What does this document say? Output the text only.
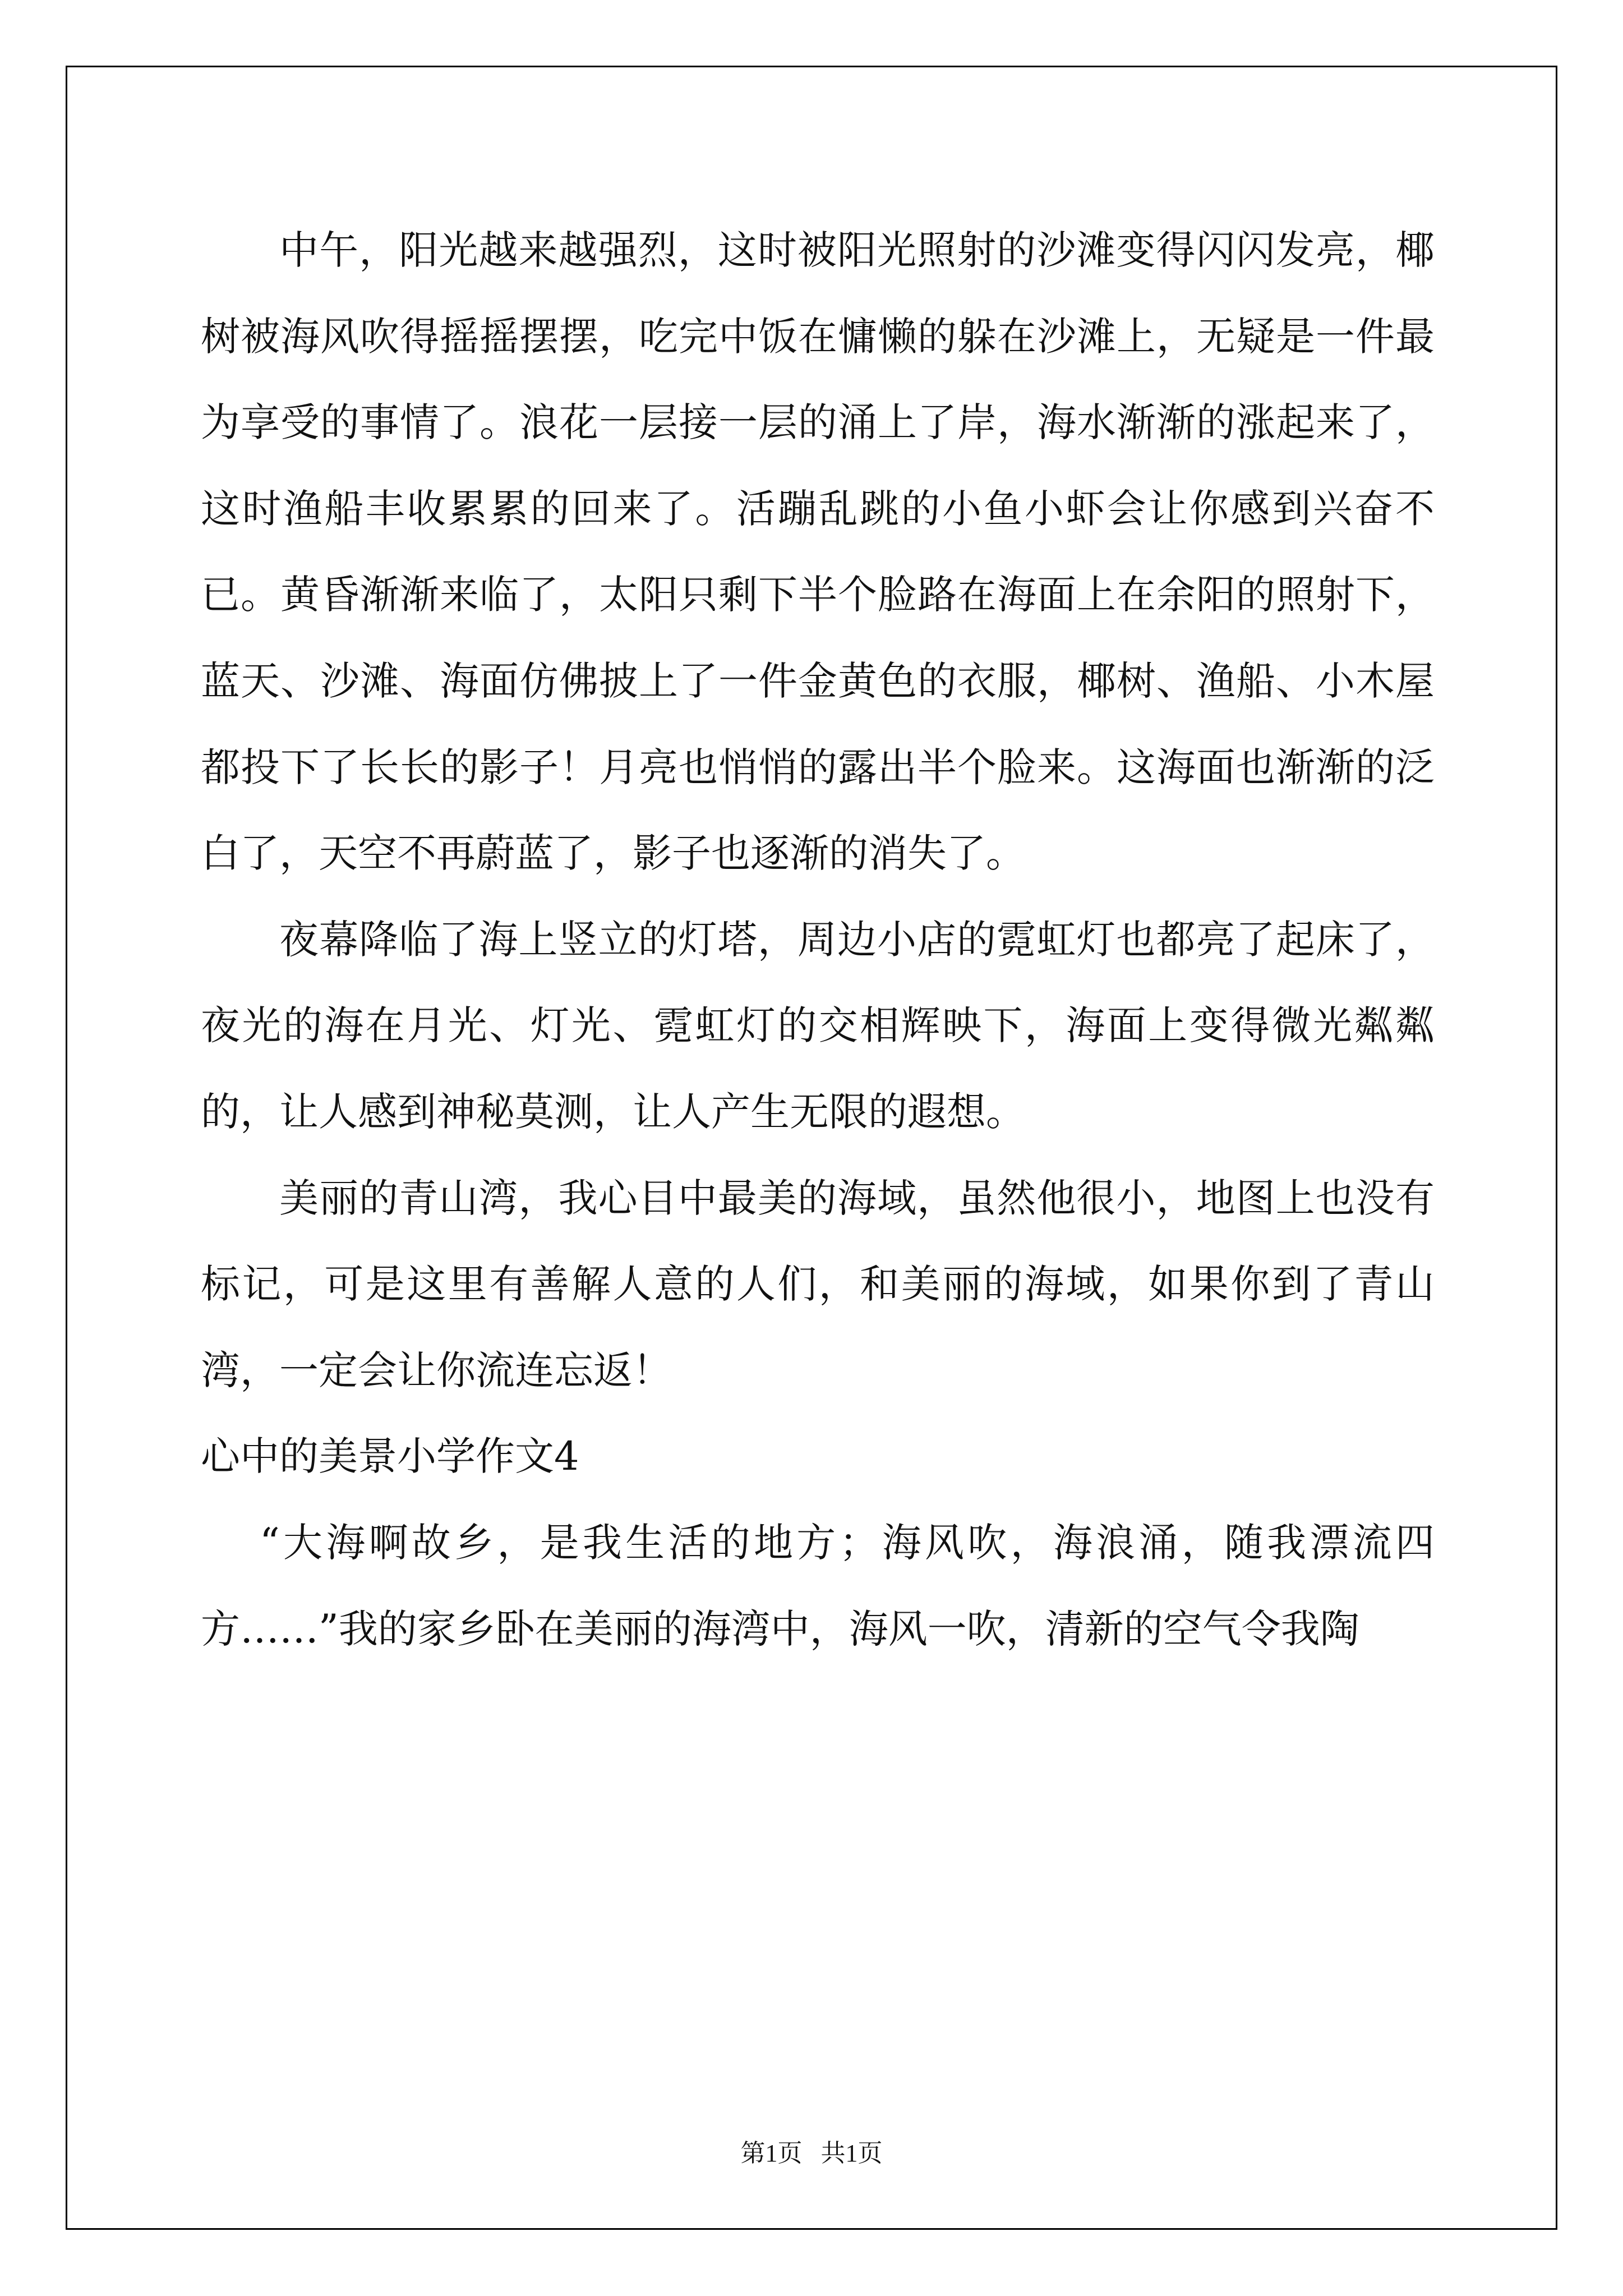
中午，阳光越来越强烈，这时被阳光照射的沙滩变得闪闪发亮，椰树被海风吹得摇摇摆摆，吃完中饭在慵懒的躲在沙滩上，无疑是一件最为享受的事情了。浪花一层接一层的涌上了岸，海水渐渐的涨起来了，这时渔船丰收累累的回来了。活蹦乱跳的小鱼小虾会让你感到兴奋不已。黄昏渐渐来临了，太阳只剩下半个脸路在海面上在余阳的照射下，蓝天、沙滩、海面仿佛披上了一件金黄色的衣服，椰树、渔船、小木屋都投下了长长的影子！月亮也悄悄的露出半个脸来。这海面也渐渐的泛白了，天空不再蔚蓝了，影子也逐渐的消失了。

夜幕降临了海上竖立的灯塔，周边小店的霓虹灯也都亮了起床了，夜光的海在月光、灯光、霓虹灯的交相辉映下，海面上变得微光粼粼的，让人感到神秘莫测，让人产生无限的遐想。

美丽的青山湾，我心目中最美的海域，虽然他很小，地图上也没有标记，可是这里有善解人意的人们，和美丽的海域，如果你到了青山湾，一定会让你流连忘返！

心中的美景小学作文4

“大海啊故乡，是我生活的地方；海风吹，海浪涌，随我漂流四方……”我的家乡卧在美丽的海湾中，海风一吹，清新的空气令我陶

第1页   共1页
